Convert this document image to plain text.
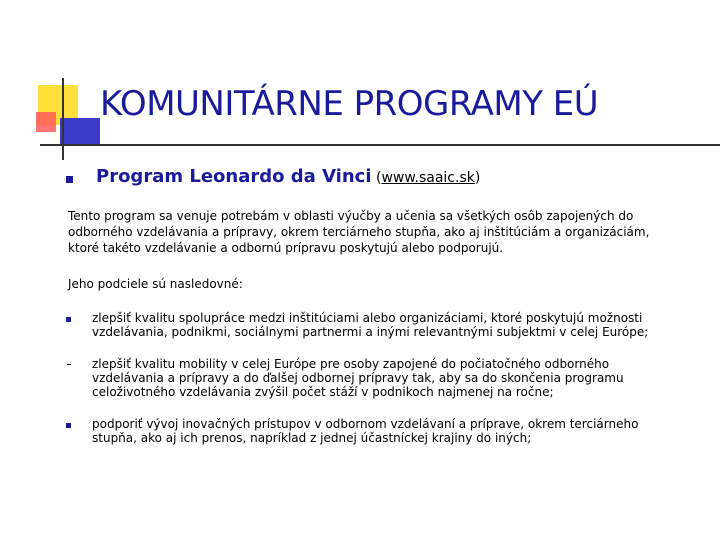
KOMUNITÁRNE PROGRAMY EÚ
Program Leonardo da Vinci (www.saaic.sk)
Tento program sa venuje potrebám v oblasti výučby a učenia sa všetkých osôb zapojených do
odborného vzdelávania a prípravy, okrem terciárneho stupňa, ako aj inštitúciám a organizáciám,
ktoré takéto vzdelávanie a odbornú prípravu poskytujú alebo podporujú.
Jeho podciele sú nasledovné:
zlepšiť kvalitu spolupráce medzi inštitúciami alebo organizáciami, ktoré poskytujú možnosti
vzdelávania, podnikmi, sociálnymi partnermi a inými relevantnými subjektmi v celej Európe;
zlepšiť kvalitu mobility v celej Európe pre osoby zapojené do počiatočného odborného
vzdelávania a prípravy a do ďalšej odbornej prípravy tak, aby sa do skončenia programu
celoživotného vzdelávania zvýšil počet stáží v podnikoch najmenej na ročne;
podporiť vývoj inovačných prístupov v odbornom vzdelávaní a príprave, okrem terciárneho
stupňa, ako aj ich prenos, napríklad z jednej účastníckej krajiny do iných;
